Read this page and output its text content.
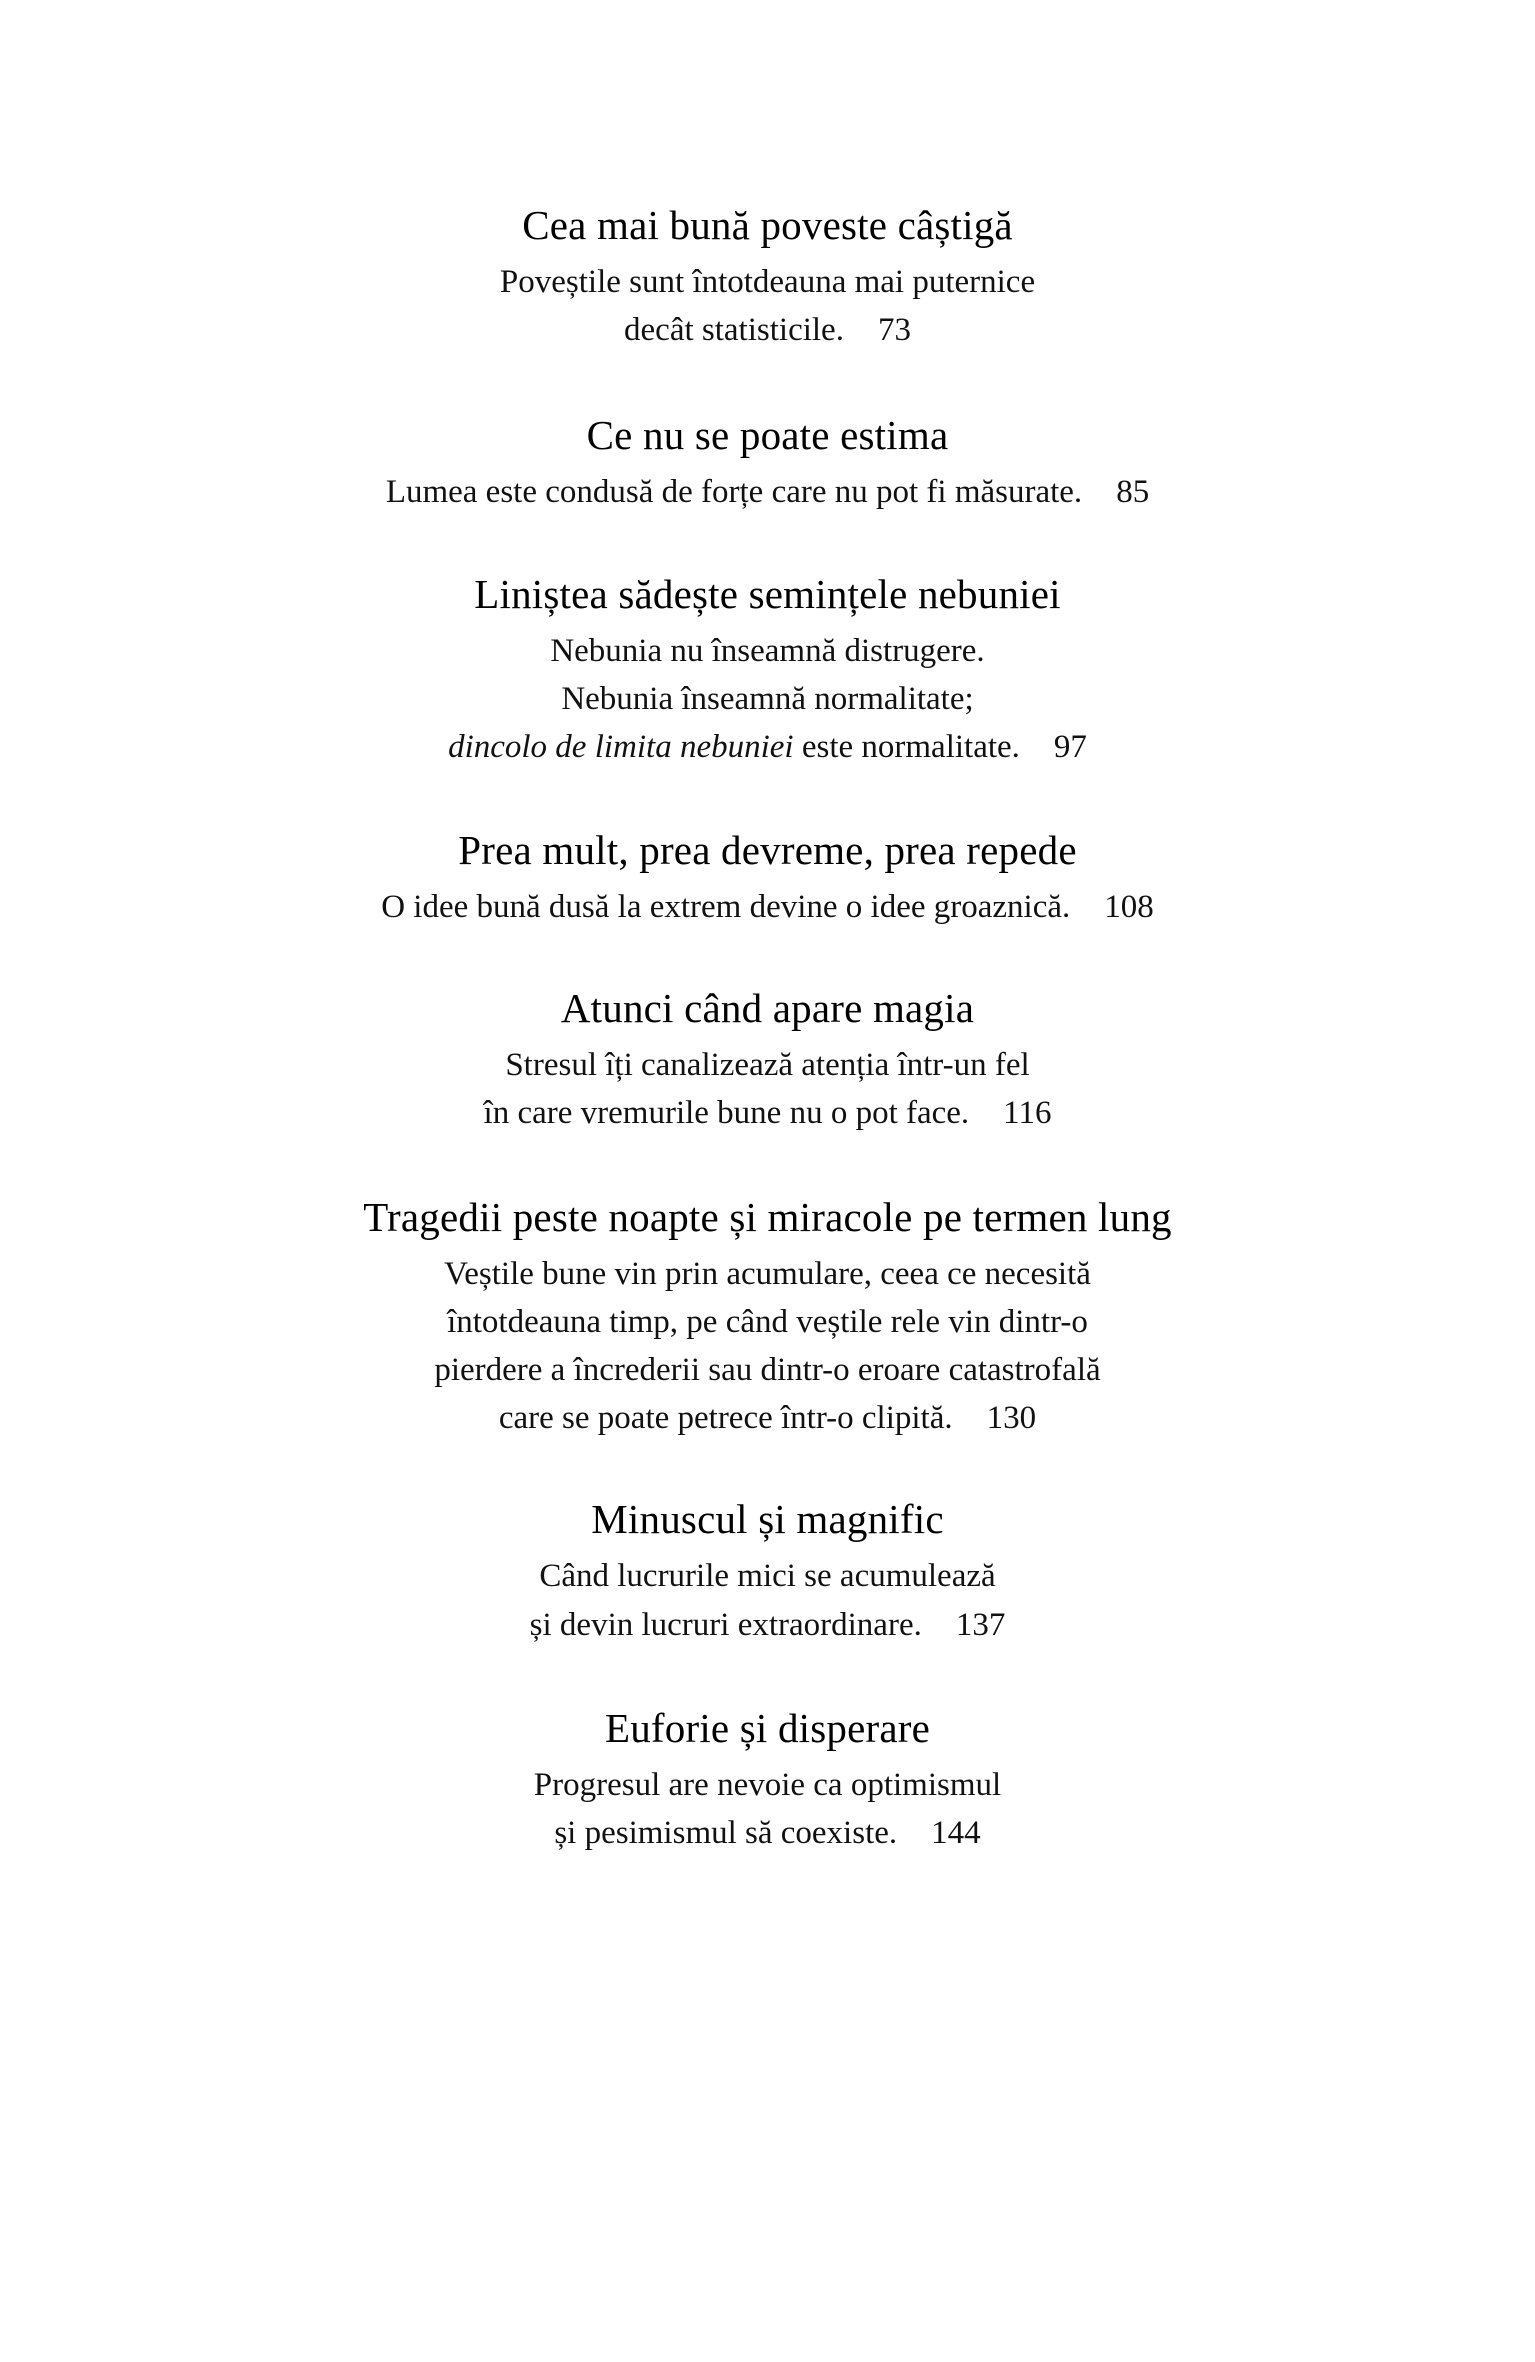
Cea mai bună poveste câștigă
Poveștile sunt întotdeauna mai puternice
decât statisticile. 73
Ce nu se poate estima
Lumea este condusă de forțe care nu pot fi măsurate. 85
Liniștea sădește semințele nebuniei
Nebunia nu înseamnă distrugere.
Nebunia înseamnă normalitate;
dincolo de limita nebuniei este normalitate. 97
Prea mult, prea devreme, prea repede
O idee bună dusă la extrem devine o idee groaznică. 108
Atunci când apare magia
Stresul îți canalizează atenția într-un fel
în care vremurile bune nu o pot face. 116
Tragedii peste noapte și miracole pe termen lung
Veștile bune vin prin acumulare, ceea ce necesită
întotdeauna timp, pe când veștile rele vin dintr-o
pierdere a încrederii sau dintr-o eroare catastrofală
care se poate petrece într-o clipită. 130
Minuscul și magnific
Când lucrurile mici se acumulează
și devin lucruri extraordinare. 137
Euforie și disperare
Progresul are nevoie ca optimismul
și pesimismul să coexiste. 144
